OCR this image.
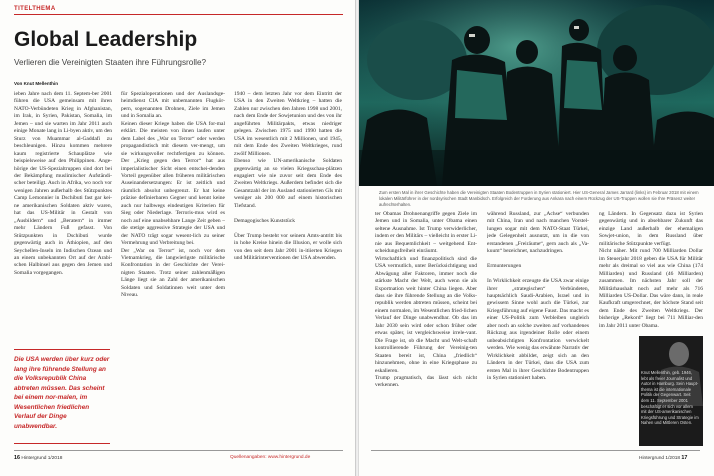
TITELTHEMA
Global Leadership

Verlieren die Vereinigten Staaten ihre Führungsrolle?

Von Knut Mellenthin

ieben Jahre nach dem 11. Septem-ber 2001 führen die USA gemeinsam mit ihren NATO-Verbündeten Krieg in Afghanistan, im Irak, in Syrien, Pakistan, Somalia, im Jemen – und sie warten im Jahr 2011 auch einige Monate lang in Li-byen aktiv, um den Sturz von Muammar al-Gaddafi zu beschleunigen. Hinzu kommen mehrere kaum registrierte Schauplätze wie beispielsweise auf den Philippinen. Ange-hörige der US-Spezialtruppen sind dort bei der Bekämpfung muslimischer Aufständi-scher beteiligt. Auch in Afrika, wo noch vor wenigen Jahren außerhalb des Stützpunktes Camp Lemonnier in Dschibuti fast gar kei-ne amerikanischen Soldaten aktiv waren, hat das US-Militär in Gestalt von „Ausbildern“ und „Beratern“ in immer mehr Ländern Fuß gefasst. Von Stützpunkten in Dschibuti wurde gegenwärtig auch in Äthiopien, auf den Seychellen-Inseln im Indischen Ozean und an einem unbekannten Ort auf der Arabi-schen Halbinsel aus gegen den Jemen und Somalia vorgegangen.

für Spezialoperationen und der Auslandsge-heimdienst CIA mit unbemannten Flugkör-pern, sogenannten Drohnen, Ziele im Jemen und in Somalia an.
Keinen dieser Kriege haben die USA for-mal erklärt. Die meisten von ihnen laufen unter dem Label des „War on Terror“ oder werden propagandistisch mit diesem ver-mengt, um sie wirkungsvoller rechtfertigen zu können. Der „Krieg gegen den Terror“ hat aus imperialistischer Sicht einen entschei-denden Vorteil gegenüber allen früheren militärischen Auseinandersetzungen: Er ist zeitlich und räumlich absolut unbegrenzt. Er hat keine präzise definierbaren Gegner und kennt keine auch nur halbwegs eindeutigen Kriterien für Sieg oder Niederlage. Terroris-mus wird es noch auf eine unabsehbare Lange Zeit geben – die stetige aggressive Strategie der USA und der NATO trägt sogar wesent-lich zu seiner Vermehrung und Verbreitung bei.
Der „War on Terror“ ist, noch vor dem Vietnamkrieg, die langwierigste militärische Konfrontation in der Geschichte der Verei-nigten Staaten. Trotz seiner zahlenmäßigen Länge liegt sie an Zahl der amerikanischen Soldaten und Soldatinnen weit unter dem Niveau.

1940 – dem letzten Jahr vor dem Eintritt der USA in den Zweiten Weltkrieg – hatten die Zahlen nur zwischen den Jahren 1998 und 2001, nach dem Ende der Sowjetunion und des von ihr angeführten Militärpakts, etwas niedriger gelegen. Zwischen 1975 und 1990 hatten die USA im wesentlich mit 2 Millionen, und 1945, mit dem Ende des Zweiten Weltkrieges, rund zwölf Millionen.
Ebenso wie UN-amerikanische Soldaten gegenwärtig an so vielen Kriegsschau-plätzen engagiert wie nie zuvor seit dem Ende des Zweiten Weltkriegs. Außerdem befindet sich die Gesamtzahl der im Ausland stationierten GIs mit weniger als 200 000 auf einem historischen Tiefstand.

Demagogisches Kunststück

Über Trump besteht vor seinem Amts-antritt bis in hohe Kreise hinein die Illusion, er wolle sich von den seit dem Jahr 2001 in-itiierten Kriegen und Militärinterventionen der USA abwenden.

Die USA werden über kurz oder lang ihre führende Stellung an die Volksrepublik China abtreten müssen. Das scheint bei einem nor-malen, im Wesentlichen friedlichen Verlauf der Dinge unabwendbar.

16 Hintergrund 1/2018	Quellenangaben: www.hintergrund.de

Zum ersten Mal in ihrer Geschichte haben die Vereinigten Staaten Bodentruppen in Syrien stationiert. Hier US-General James Jarrard (links) im Februar 2018 mit einem lokalen Militärführer in der nordsyrischen Stadt Manbidsch. Erfolgreich der Forderung aus Ankara nach einem Rückzug der US-Truppen wollen sie Ihre Präsenz weiter aufrechterhalten.

ter Obamas Drohnenangriffe gegen Ziele im Jemen und in Somalia, unter Obama einen seltene Ausnahme. Ist Trump verwiderlicher, indem er den Militärs – vielleicht in erster Li-nie aus Bequemlichkeit – weitgehend Ent-scheidungsfreiheit einräumt.
Wirtschaftlich und finanzpolitisch sind die USA vermutlich, unter Berücksichtigung und Abwägung aller Faktoren, immer noch die stärkste Macht der Welt, auch wenn sie als Exportnation weit hinter China liegen. Aber dass sie ihre führende Stellung an die Volks-republik werden abtreten müssen, scheint bei einem normalen, im Wesentlichen fried-lichen Verlauf der Dinge unabwendbar. Ob das im Jahr 2030 sein wird oder schon früher oder etwas später, ist vergleichsweise irrele-vant. Die Frage ist, ob die Macht und Welt-schaft kontrollierende Führung der Vereinig-ten Staaten bereit ist, China „friedlich“ hinzunehmen, ohne in eine Kriegsphase zu eskalieren.
Trump pragmatisch, das lässt sich nicht verkennen.

während Russland, zur „Achse“ verbunden mit China, Iran und nach manchen Vorstel-lungen sogar mit dem NATO-Staat Türkei, jede Gelegenheit ausnutzt, um in die von erstandenen „Freiräume“, gern auch als „Va-kuum“ bezeichnet, nachzudringen.

Ermunterungen

In Wirklichkeit erzeugte die USA zwar einige ihrer „strategischen“ Verbündeten, hauptsächlich Saudi-Arabien, Israel und in gewissem Sinne wohl auch die Türkei, zur Kriegsführung auf eigene Faust. Das macht es einer US-Politik zum Verbleiben ungleich aber noch an solche zweiten auf vorhandenes Rückzug aus irgendeiner Rolle oder einem unbeabsichtigten Konfrontation verwickelt werden. Wie wenig das erwähnte Narrativ der Wirklichkeit abbildet, zeigt sich an den Ländern in der Türkei, dass die USA zum ersten Mal in ihrer Geschichte Bodentruppen in Syrien stationiert haben.

ng Ländern. In Gegensatz dazu ist Syrien gegenwärtig und in absehbarer Zukunft das einzige Land außerhalb der ehemaligen Sowjet-union, in dem Russland über militärische Stützpunkte verfügt.
Nicht näher. Mit rund 700 Milliarden Dollar im Steuerjahr 2018 geben die USA für Militär mehr als dreimal so viel aus wie China (174 Milliarden) und Russland (46 Milliarden) zusammen. Im nächsten Jahr soll der Militärhaushalt noch auf mehr als 716 Milliarden US-Dollar. Das wäre dann, in reale Kaufkraft umgerechnet, der höchste Stand seit dem Ende des Zweiten Weltkriegs. Der bisherige „Rekord“ liegt bei 711 Milliar-den im Jahr 2011 unter Obama.

Knut Mellenthin, geb. 1946, lebt als freier Journalist und Autor in Hamburg. Sein Haupt-thema ist die internationale Politik der Gegenwart. Seit dem 11. September 2001 beschäftigt er sich vor allem mit der US-amerikanischen Kriegsführung und Strategie im Nahen und Mittleren Osten.

Hintergrund 1/2018 17
